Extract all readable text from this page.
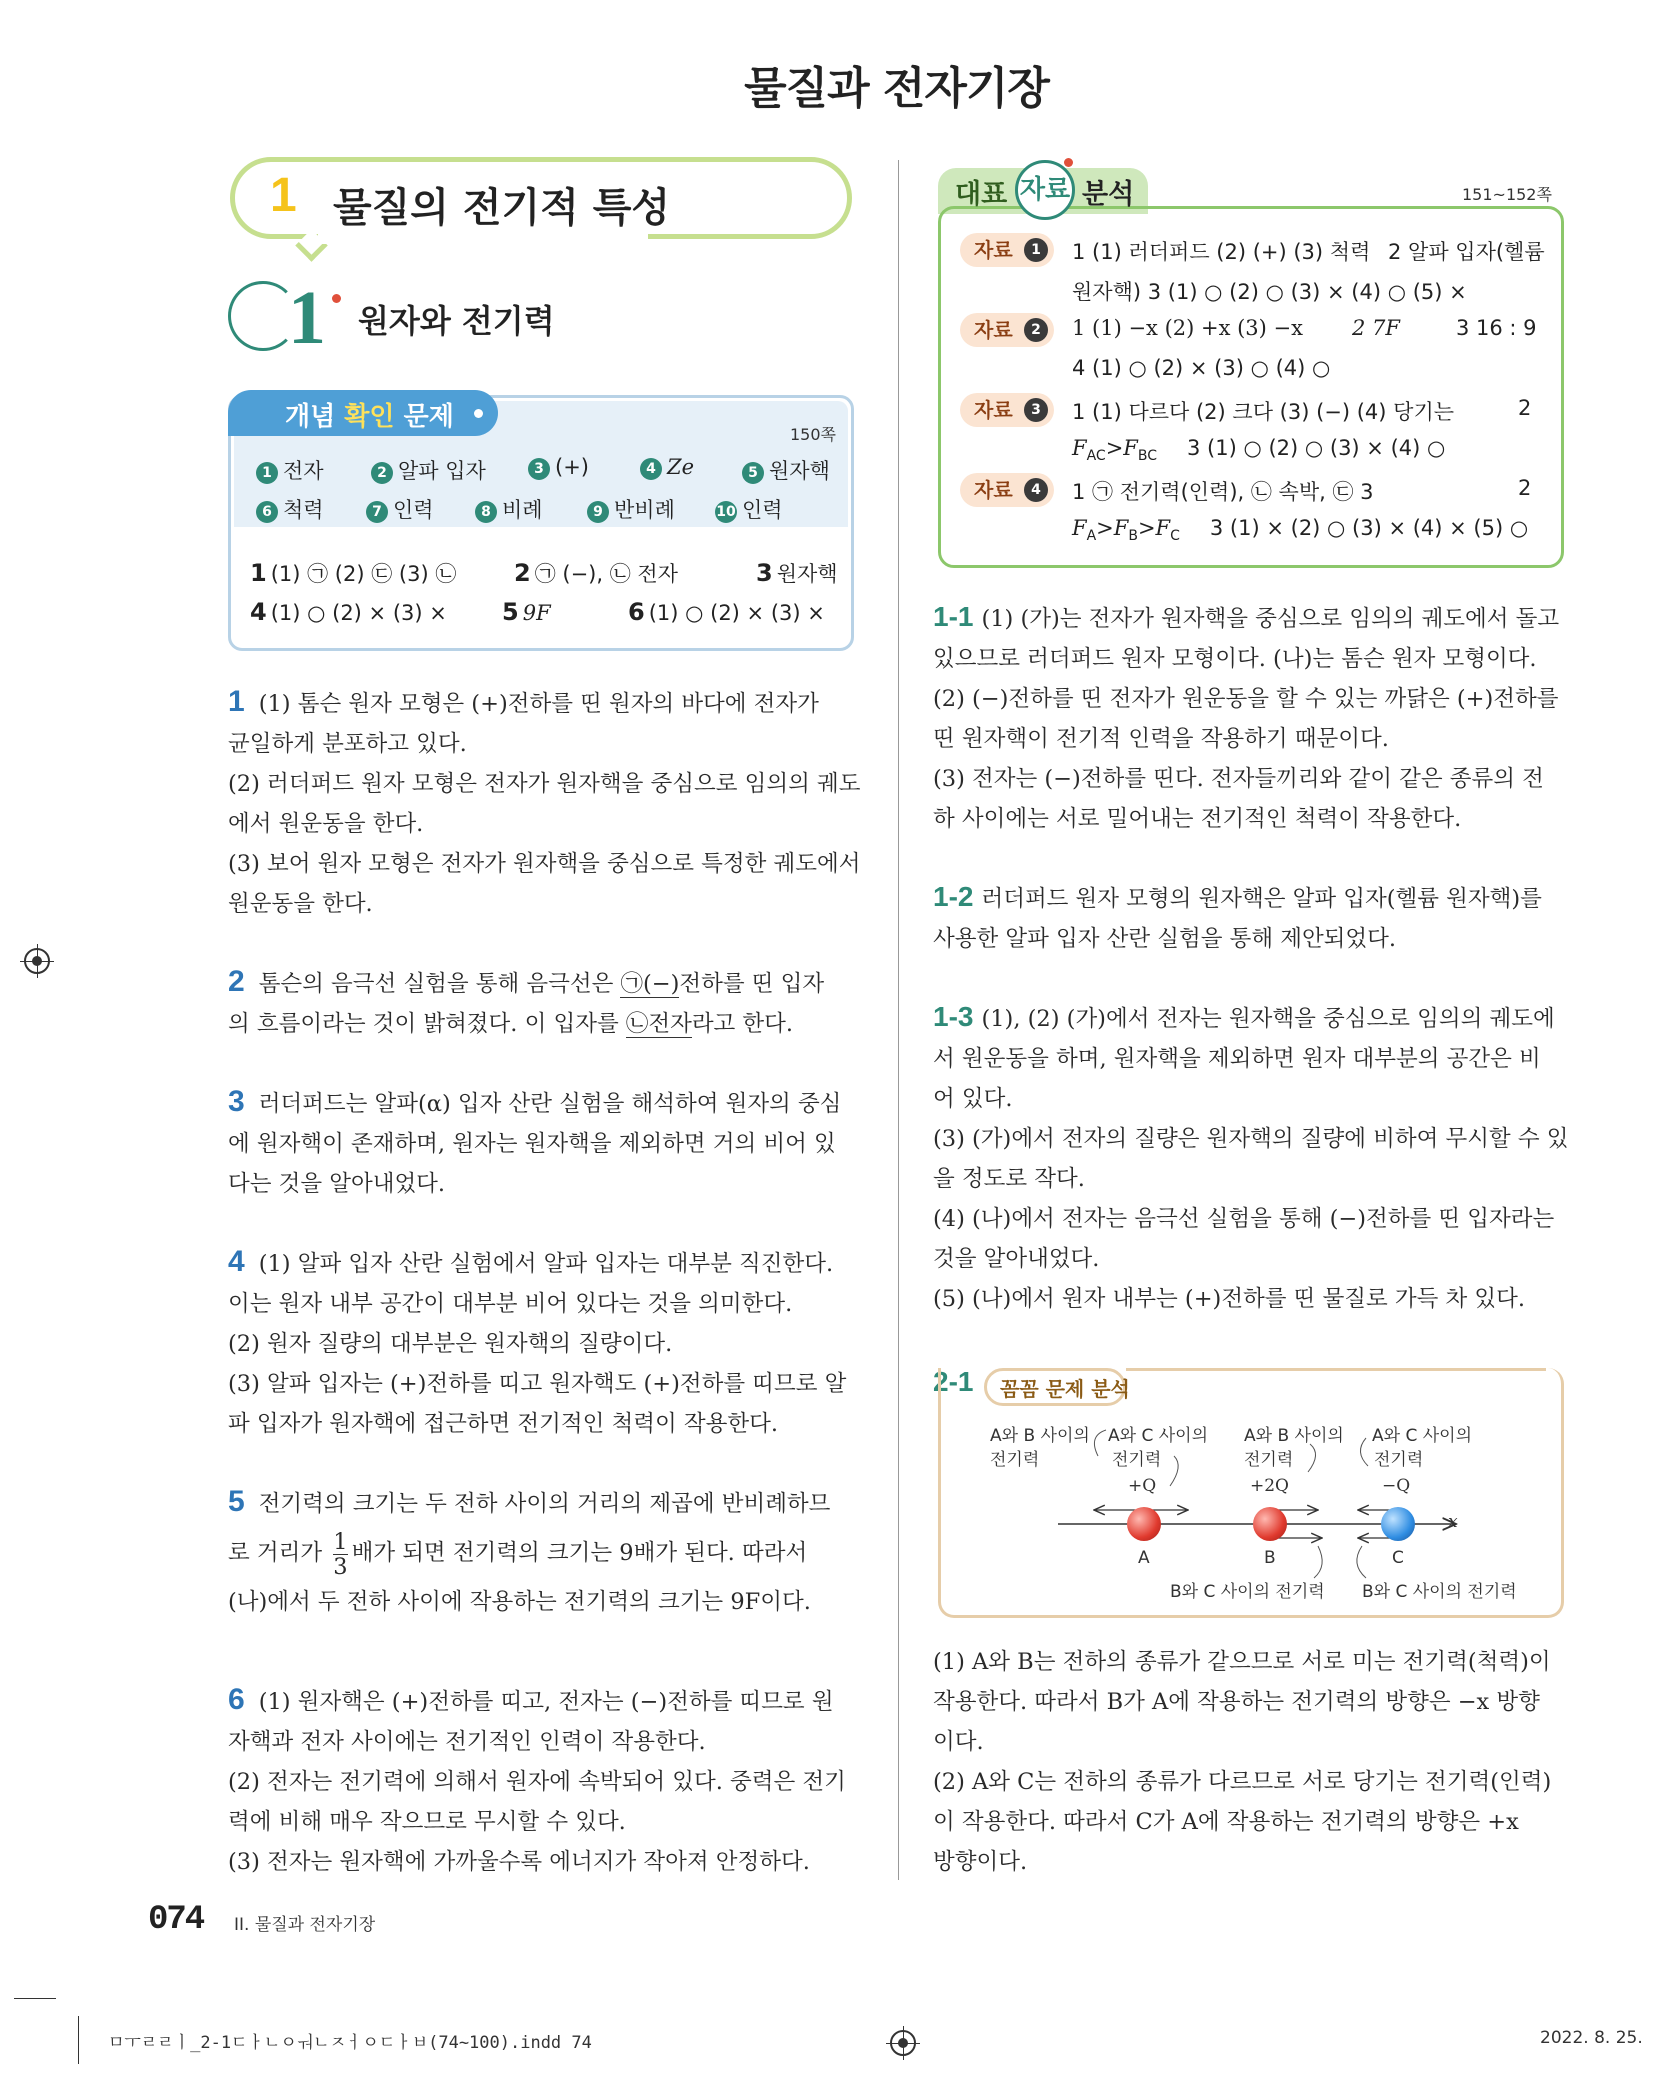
물질과 전자기장
1 물질의 전기적 특성
1 원자와 전기력
개념 확인 문제
150쪽
1 전자	2 알파 입자	3 (+)	4 Ze	5 원자핵
6 척력	7 인력	8 비례	9 반비례	10 인력
1 (1) ㉠ (2) ㉢ (3) ㉡ 2 ㉠ (−), ㉡ 전자	3 원자핵
4 (1) ○ (2) × (3) × 5 9F	6 (1) ○ (2) × (3) ×
1 (1) 톰슨 원자 모형은 (+)전하를 띤 원자의 바다에 전자가
균일하게 분포하고 있다.
(2) 러더퍼드 원자 모형은 전자가 원자핵을 중심으로 임의의 궤도
에서 원운동을 한다.
(3) 보어 원자 모형은 전자가 원자핵을 중심으로 특정한 궤도에서
원운동을 한다.
2 톰슨의 음극선 실험을 통해 음극선은 ㉠(−)전하를 띤 입자
의 흐름이라는 것이 밝혀졌다. 이 입자를 ㉡전자라고 한다.
3 러더퍼드는 알파(α) 입자 산란 실험을 해석하여 원자의 중심
에 원자핵이 존재하며, 원자는 원자핵을 제외하면 거의 비어 있
다는 것을 알아내었다.
4 (1) 알파 입자 산란 실험에서 알파 입자는 대부분 직진한다.
이는 원자 내부 공간이 대부분 비어 있다는 것을 의미한다.
(2) 원자 질량의 대부분은 원자핵의 질량이다.
(3) 알파 입자는 (+)전하를 띠고 원자핵도 (+)전하를 띠므로 알
파 입자가 원자핵에 접근하면 전기적인 척력이 작용한다.
5 전기력의 크기는 두 전하 사이의 거리의 제곱에 반비례하므
로 거리가 $\frac{1}{3}$ 배가 되면 전기력의 크기는 9배가 된다. 따라서
(나)에서 두 전하 사이에 작용하는 전기력의 크기는 9F이다.
6 (1) 원자핵은 (+)전하를 띠고, 전자는 (−)전하를 띠므로 원
자핵과 전자 사이에는 전기적인 인력이 작용한다.
(2) 전자는 전기력에 의해서 원자에 속박되어 있다. 중력은 전기
력에 비해 매우 작으므로 무시할 수 있다.
(3) 전자는 원자핵에 가까울수록 에너지가 작아져 안정하다.
대표 자료 분석	151~152쪽
자료	1	1 (1) 러더퍼드 (2) (+) (3) 척력 2 알파 입자(헬륨
원자핵) 3 (1) ○ (2) ○ (3) × (4) ○ (5) ×
자료	2	1 (1) −x (2) +x (3) −x 2 7F	3 16 : 9
4 (1) ○ (2) × (3) ○ (4) ○
자료	3	1 (1) 다르다 (2) 크다 (3) (−) (4) 당기는	2
$F_{AC}>F_{BC}$ 3 (1) ○ (2) ○ (3) × (4) ○
자료	4	1 ㉠ 전기력(인력), ㉡ 속박, ㉢ 3	2
$F_A>F_B>F_C$ 3 (1) × (2) ○ (3) × (4) × (5) ○
1-1 (1) (가)는 전자가 원자핵을 중심으로 임의의 궤도에서 돌고
있으므로 러더퍼드 원자 모형이다. (나)는 톰슨 원자 모형이다.
(2) (−)전하를 띤 전자가 원운동을 할 수 있는 까닭은 (+)전하를
띤 원자핵이 전기적 인력을 작용하기 때문이다.
(3) 전자는 (−)전하를 띤다. 전자들끼리와 같이 같은 종류의 전
하 사이에는 서로 밀어내는 전기적인 척력이 작용한다.
1-2 러더퍼드 원자 모형의 원자핵은 알파 입자(헬륨 원자핵)를
사용한 알파 입자 산란 실험을 통해 제안되었다.
1-3 (1), (2) (가)에서 전자는 원자핵을 중심으로 임의의 궤도에
서 원운동을 하며, 원자핵을 제외하면 원자 대부분의 공간은 비
어 있다.
(3) (가)에서 전자의 질량은 원자핵의 질량에 비하여 무시할 수 있
을 정도로 작다.
(4) (나)에서 전자는 음극선 실험을 통해 (−)전하를 띤 입자라는
것을 알아내었다.
(5) (나)에서 원자 내부는 (+)전하를 띤 물질로 가득 차 있다.
2-1	꼼꼼 문제 분석
A와 B 사이의
전기력
A와 C 사이의
전기력
A와 B 사이의
전기력
A와 C 사이의
전기력
+Q	+2Q	−Q
A	B	C
x
B와 C 사이의 전기력 B와 C 사이의 전기력
(1) A와 B는 전하의 종류가 같으므로 서로 미는 전기력(척력)이
작용한다. 따라서 B가 A에 작용하는 전기력의 방향은 −x 방향
이다.
(2) A와 C는 전하의 종류가 다르므로 서로 당기는 전기력(인력)
이 작용한다. 따라서 C가 A에 작용하는 전기력의 방향은 +x
방향이다.
074 II. 물질과 전자기장
ㅁㅜㄹㄹㅣ_2-1ㄷㅏㄴㅇㅝㄴㅈㅓㅇㄷㅏㅂ(74~100).indd 74	2022. 8. 25.
